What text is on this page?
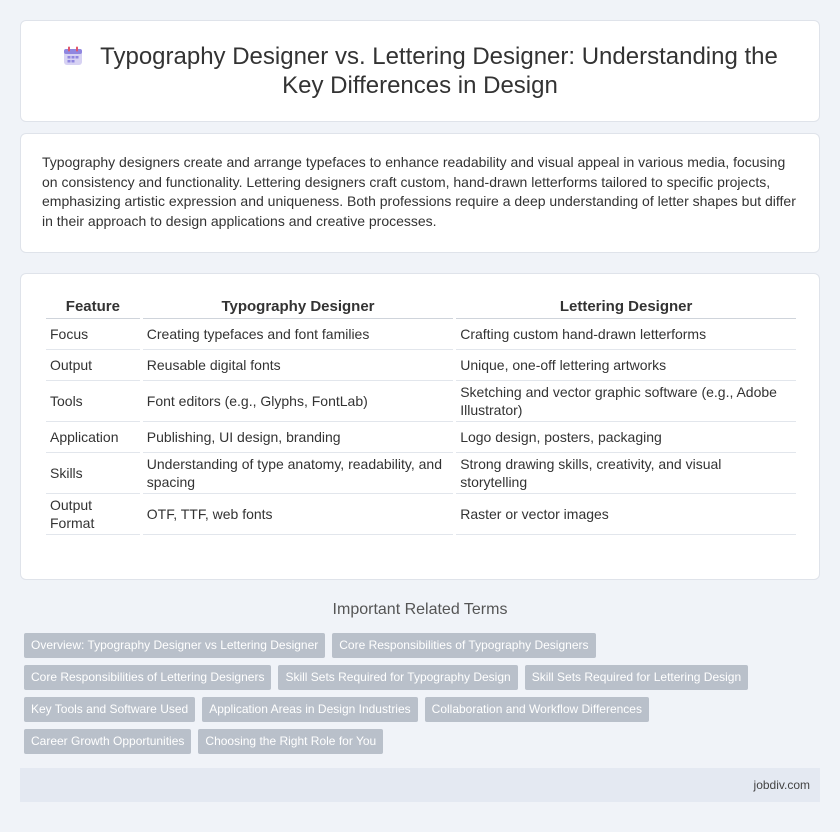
Typography Designer vs. Lettering Designer: Understanding the Key Differences in Design

Typography designers create and arrange typefaces to enhance readability and visual appeal in various media, focusing on consistency and functionality. Lettering designers craft custom, hand-drawn letterforms tailored to specific projects, emphasizing artistic expression and uniqueness. Both professions require a deep understanding of letter shapes but differ in their approach to design applications and creative processes.

Feature	Typography Designer	Lettering Designer
Focus	Creating typefaces and font families	Crafting custom hand-drawn letterforms
Output	Reusable digital fonts	Unique, one-off lettering artworks
Tools	Font editors (e.g., Glyphs, FontLab)	Sketching and vector graphic software (e.g., Adobe Illustrator)
Application	Publishing, UI design, branding	Logo design, posters, packaging
Skills	Understanding of type anatomy, readability, and spacing	Strong drawing skills, creativity, and visual storytelling
Output Format	OTF, TTF, web fonts	Raster or vector images
Important Related Terms
Overview: Typography Designer vs Lettering Designer	Core Responsibilities of Typography Designers
Core Responsibilities of Lettering Designers	Skill Sets Required for Typography Design	Skill Sets Required for Lettering Design
Key Tools and Software Used	Application Areas in Design Industries	Collaboration and Workflow Differences
Career Growth Opportunities	Choosing the Right Role for You
jobdiv.com
